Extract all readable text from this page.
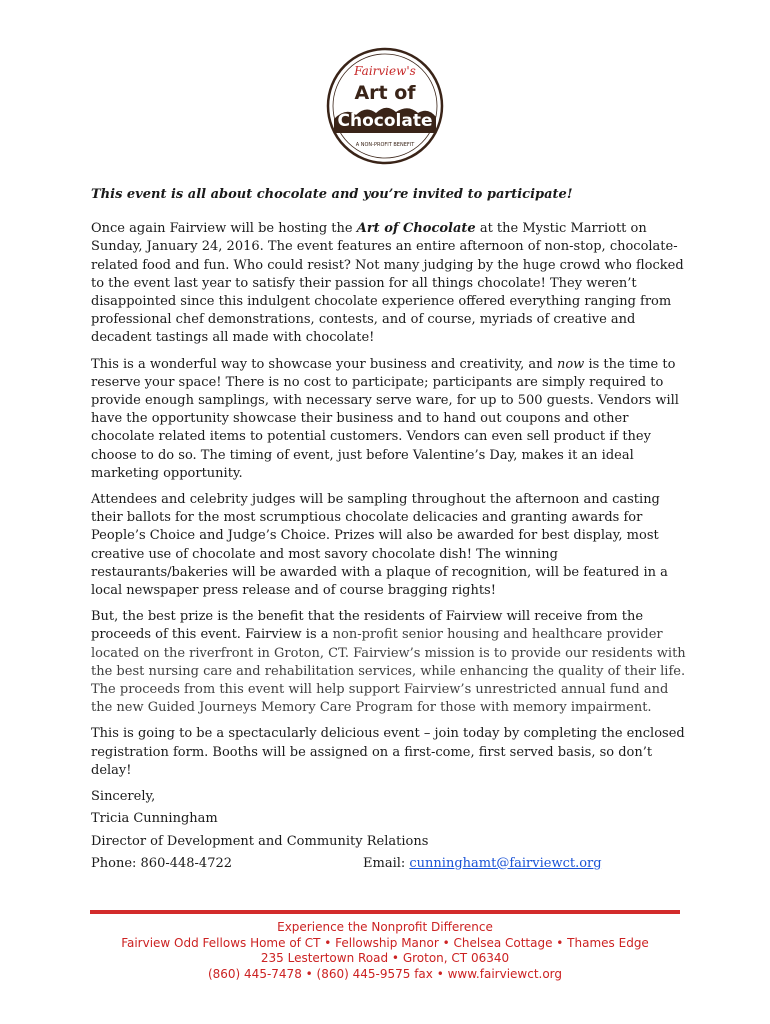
Fairview's
Art of
Chocolate
A NON-PROFIT BENEFIT

This event is all about chocolate and you’re invited to participate!

Once again Fairview will be hosting the Art of Chocolate at the Mystic Marriott on Sunday, January 24, 2016. The event features an entire afternoon of non-stop, chocolate-related food and fun. Who could resist? Not many judging by the huge crowd who flocked to the event last year to satisfy their passion for all things chocolate! They weren’t disappointed since this indulgent chocolate experience offered everything ranging from professional chef demonstrations, contests, and of course, myriads of creative and decadent tastings all made with chocolate!

This is a wonderful way to showcase your business and creativity, and now is the time to reserve your space! There is no cost to participate; participants are simply required to provide enough samplings, with necessary serve ware, for up to 500 guests. Vendors will have the opportunity showcase their business and to hand out coupons and other chocolate related items to potential customers. Vendors can even sell product if they choose to do so. The timing of event, just before Valentine’s Day, makes it an ideal marketing opportunity.

Attendees and celebrity judges will be sampling throughout the afternoon and casting their ballots for the most scrumptious chocolate delicacies and granting awards for People’s Choice and Judge’s Choice. Prizes will also be awarded for best display, most creative use of chocolate and most savory chocolate dish! The winning restaurants/bakeries will be awarded with a plaque of recognition, will be featured in a local newspaper press release and of course bragging rights!

But, the best prize is the benefit that the residents of Fairview will receive from the proceeds of this event. Fairview is a non-profit senior housing and healthcare provider located on the riverfront in Groton, CT. Fairview’s mission is to provide our residents with the best nursing care and rehabilitation services, while enhancing the quality of their life. The proceeds from this event will help support Fairview’s unrestricted annual fund and the new Guided Journeys Memory Care Program for those with memory impairment.

This is going to be a spectacularly delicious event – join today by completing the enclosed registration form. Booths will be assigned on a first-come, first served basis, so don’t delay!

Sincerely,

Tricia Cunningham

Director of Development and Community Relations

Phone: 860-448-4722	Email: cunninghamt@fairviewct.org
Experience the Nonprofit Difference
Fairview Odd Fellows Home of CT • Fellowship Manor • Chelsea Cottage • Thames Edge
235 Lestertown Road • Groton, CT 06340
(860) 445-7478 • (860) 445-9575 fax • www.fairviewct.org
